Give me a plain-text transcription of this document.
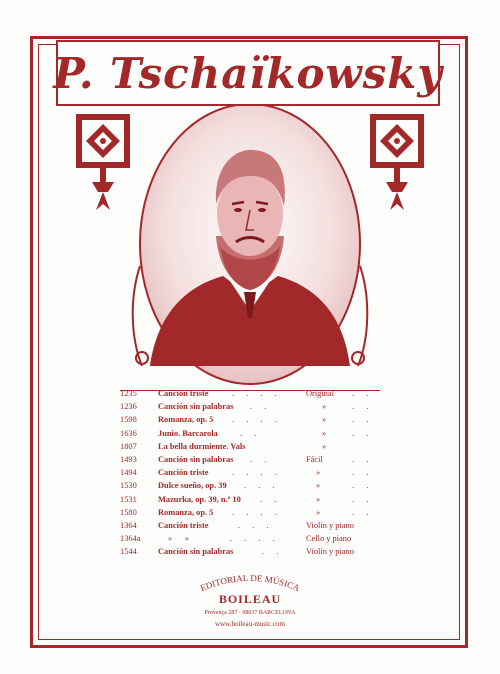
P. Tschaïkowsky
1235	Canción triste	. . . .	Original . .
1236	Canción sin palabras . .	»	. .
1598	Romanza, op. 5 . . . .	»	. .
1636	Junio. Barcarola	. .	»	. .
1807	La bella durmiente. Vals	»
1493	Canción sin palabras . .	Fácil	. .
1494	Canción triste	. . . .	»	. .
1530	Dulce sueño, op. 39 . . .	»	. .
1531	Mazurka, op. 39, n.º 10 . .	»	. .
1580	Romanza, op. 5 . . . .	»	. .
1364	Canción triste	. . .	Violín y piano
1364a	»      »	. . . .	Cello y piano
1544	Canción sin palabras	. .	Violín y piano
EDITORIAL DE MÚSICA
BOILEAU
Provença 287 · 08037 BARCELONA
www.boileau-music.com
